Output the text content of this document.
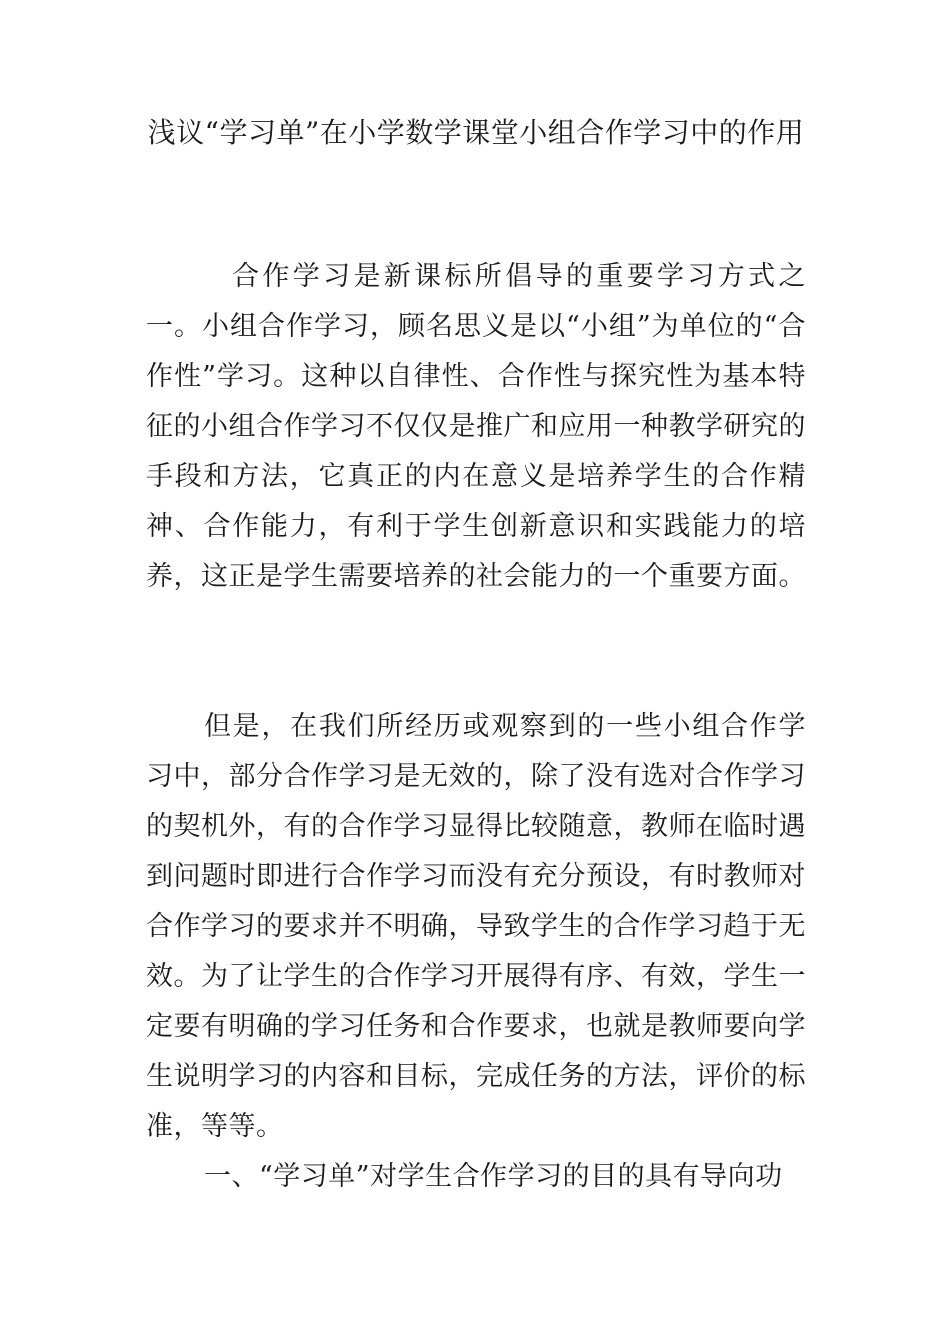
浅议“学习单”在小学数学课堂小组合作学习中的作用

合作学习是新课标所倡导的重要学习方式之一。小组合作学习，顾名思义是以“小组”为单位的“合作性”学习。这种以自律性、合作性与探究性为基本特征的小组合作学习不仅仅是推广和应用一种教学研究的手段和方法，它真正的内在意义是培养学生的合作精神、合作能力，有利于学生创新意识和实践能力的培养，这正是学生需要培养的社会能力的一个重要方面。

但是，在我们所经历或观察到的一些小组合作学习中，部分合作学习是无效的，除了没有选对合作学习的契机外，有的合作学习显得比较随意，教师在临时遇到问题时即进行合作学习而没有充分预设，有时教师对合作学习的要求并不明确，导致学生的合作学习趋于无效。为了让学生的合作学习开展得有序、有效，学生一定要有明确的学习任务和合作要求，也就是教师要向学生说明学习的内容和目标，完成任务的方法，评价的标准，等等。

一、“学习单”对学生合作学习的目的具有导向功
